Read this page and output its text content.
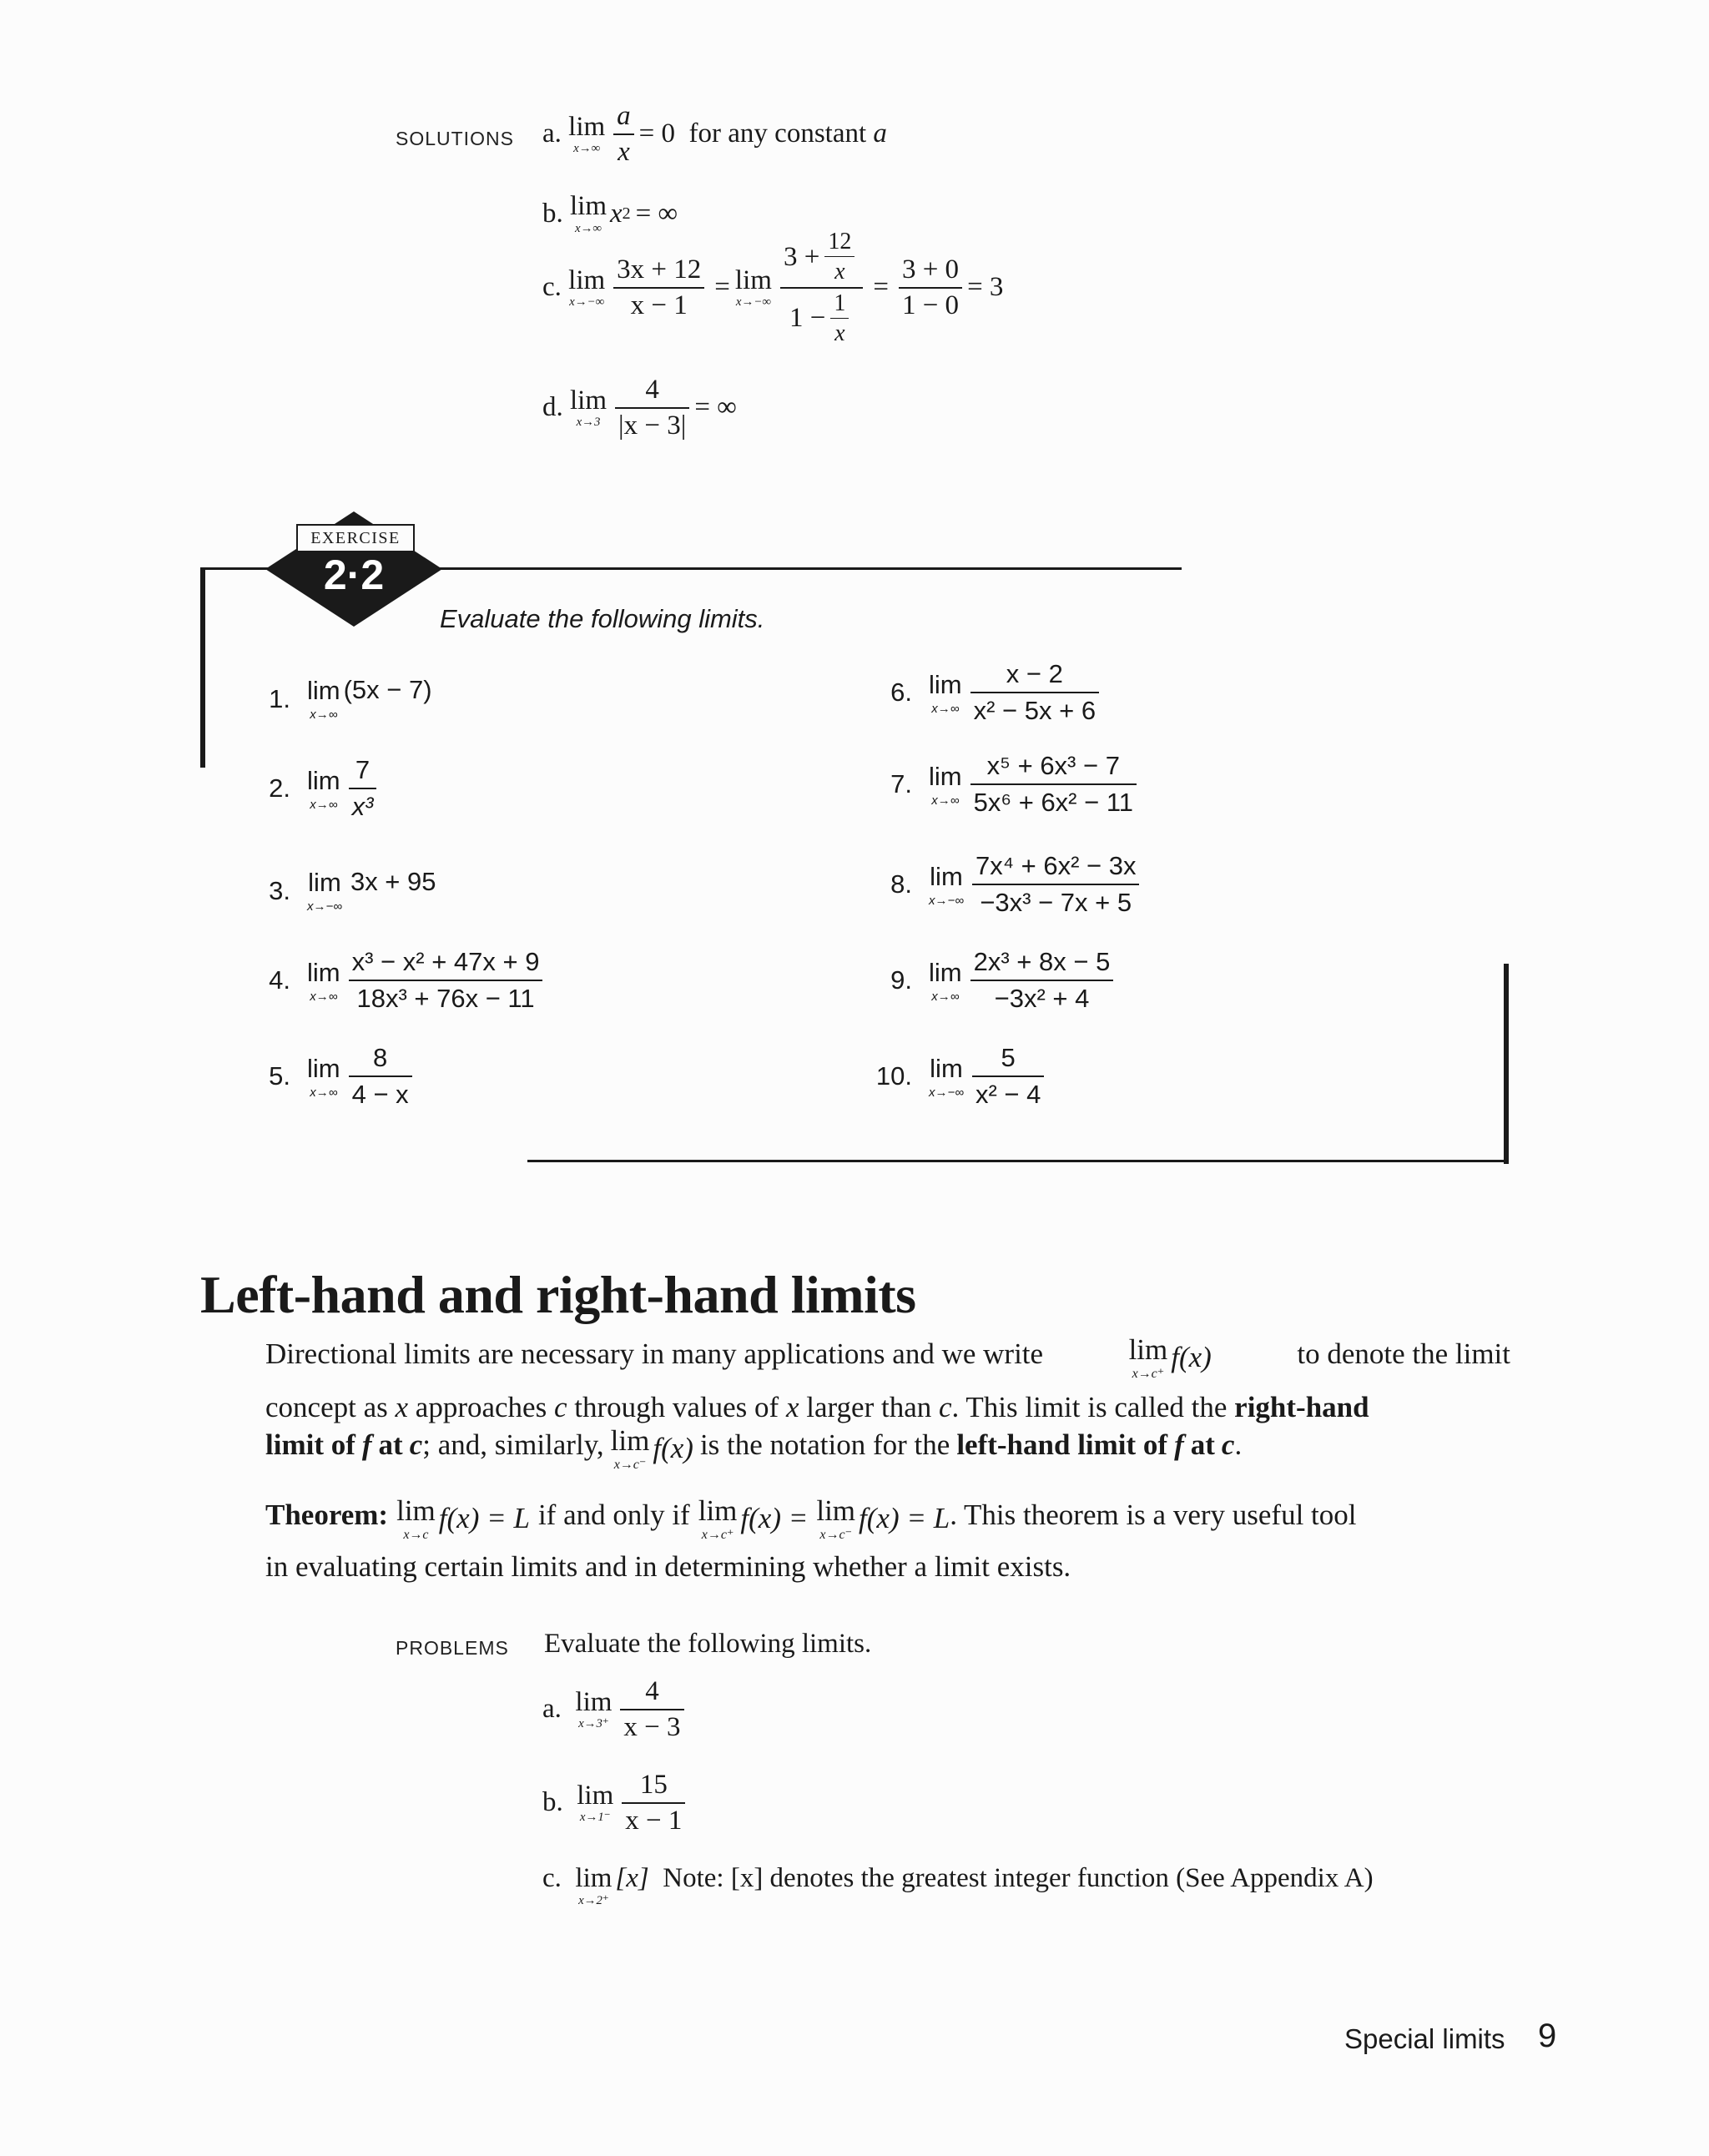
SOLUTIONS a.
lim
$x\to\infty \frac{a}{x} = 0$
for any constant
a
b.
lim
x→∞ x 2 = ∞
c.
lim
$x\to-\infty \frac{3x + 12}{x - 1} = \lim$
$x\to-\infty \frac{3 + \frac{12}{x}}{1 - \frac{1}{x}} = \frac{3 + 0}{1 - 0} = 3$
d.
lim
$x\to 3 \frac{4}{|x - 3|}$ = ∞
EXERCISE
2·2
Evaluate the following limits.
1. lim
x→∞
(5x − 7)
2. lim
$x\to\infty \frac{7}{\text{x³}}$
3. lim
x→−∞
3x + 95
4. lim
$x\to\infty \frac{\text{x³ − x² + 47x + 9}}{\text{18x³ + 76x − 11}}$
5. lim
$x\to\infty \frac{8}{4 - x}$
6. lim
$x\to\infty \frac{x - 2}{\text{x² − 5x + 6}}$
7. lim
$x\to\infty \frac{\text{x⁵ + 6x³ − 7}}{\text{5x⁶ + 6x² − 11}}$
8. lim
$x\to-\infty \frac{\text{7x⁴ + 6x² − 3x}}{\text{−3x³ − 7x + 5}}$
9. lim
$x\to\infty \frac{\text{2x³ + 8x − 5}}{\text{−3x² + 4}}$
10. lim
$x\to-\infty \frac{5}{\text{x² − 4}}$
Left-hand and right-hand limits
Directional limits are necessary in many applications and we write	lim
x→c⁺ f(x)	to denote the limit
concept as x approaches c through values of x larger than c. This limit is called the right-hand
limit of f at c ; and, similarly, lim
x→c⁻ f(x) is the notation for the left-hand limit of f at c .
Theorem: lim
x→c f(x) = L if and only if lim
x→c⁺ f(x) = lim
x→c⁻ f(x) = L . This theorem is a very useful tool
in evaluating certain limits and in determining whether a limit exists.
PROBLEMS Evaluate the following limits.
a.
lim
$x\to 3^+ \frac{4}{x - 3}$
b.
lim
$x\to 1^- \frac{15}{x - 1}$
c.
lim
x→2⁺
[x]
Note: [x] denotes the greatest integer function (See Appendix A)
Special limits 9
